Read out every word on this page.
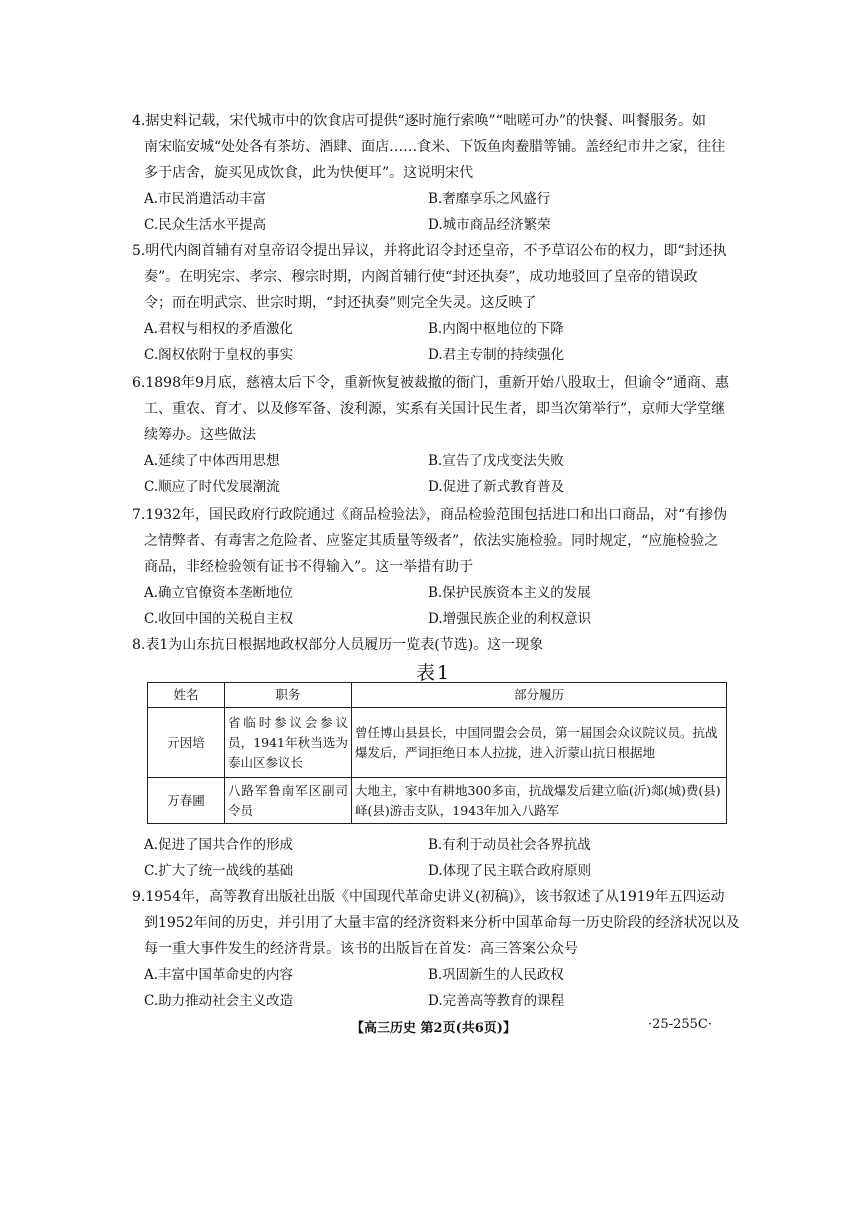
4.据史料记载，宋代城市中的饮食店可提供“逐时施行索唤”“咄嗟可办”的快餐、叫餐服务。如

南宋临安城“处处各有茶坊、酒肆、面店……食米、下饭鱼肉鲞腊等铺。盖经纪市井之家，往往

多于店舍，旋买见成饮食，此为快便耳”。这说明宋代

A.市民消遣活动丰富	B.奢靡享乐之风盛行
C.民众生活水平提高	D.城市商品经济繁荣

5.明代内阁首辅有对皇帝诏令提出异议，并将此诏令封还皇帝，不予草诏公布的权力，即“封还执

奏”。在明宪宗、孝宗、穆宗时期，内阁首辅行使“封还执奏”，成功地驳回了皇帝的错误政

令；而在明武宗、世宗时期，“封还执奏”则完全失灵。这反映了

A.君权与相权的矛盾激化	B.内阁中枢地位的下降
C.阁权依附于皇权的事实	D.君主专制的持续强化

6.1898年9月底，慈禧太后下令，重新恢复被裁撤的衙门，重新开始八股取士，但谕令“通商、惠

工、重农、育才、以及修军备、浚利源，实系有关国计民生者，即当次第举行”，京师大学堂继

续筹办。这些做法

A.延续了中体西用思想	B.宣告了戊戌变法失败
C.顺应了时代发展潮流	D.促进了新式教育普及

7.1932年，国民政府行政院通过《商品检验法》，商品检验范围包括进口和出口商品，对“有掺伪

之情弊者、有毒害之危险者、应鉴定其质量等级者”，依法实施检验。同时规定，“应施检验之

商品，非经检验领有证书不得输入”。这一举措有助于

A.确立官僚资本垄断地位	B.保护民族资本主义的发展
C.收回中国的关税自主权	D.增强民族企业的利权意识

8.表1为山东抗日根据地政权部分人员履历一览表(节选)。这一现象

表1
姓名	职务	部分履历
亓因培	省临时参议会参议员，1941年秋当选为泰山区参议长	曾任博山县县长，中国同盟会会员，第一届国会众议院议员。抗战爆发后，严词拒绝日本人拉拢，进入沂蒙山抗日根据地
万春圃	八路军鲁南军区副司令员	大地主，家中有耕地300多亩，抗战爆发后建立临(沂)郯(城)费(县)峄(县)游击支队，1943年加入八路军
A.促进了国共合作的形成	B.有利于动员社会各界抗战
C.扩大了统一战线的基础	D.体现了民主联合政府原则

9.1954年，高等教育出版社出版《中国现代革命史讲义(初稿)》，该书叙述了从1919年五四运动

到1952年间的历史，并引用了大量丰富的经济资料来分析中国革命每一历史阶段的经济状况以及

每一重大事件发生的经济背景。该书的出版旨在首发：高三答案公众号

A.丰富中国革命史的内容	B.巩固新生的人民政权
C.助力推动社会主义改造	D.完善高等教育的课程
【高三历史 第2页(共6页)】	·25-255C·
